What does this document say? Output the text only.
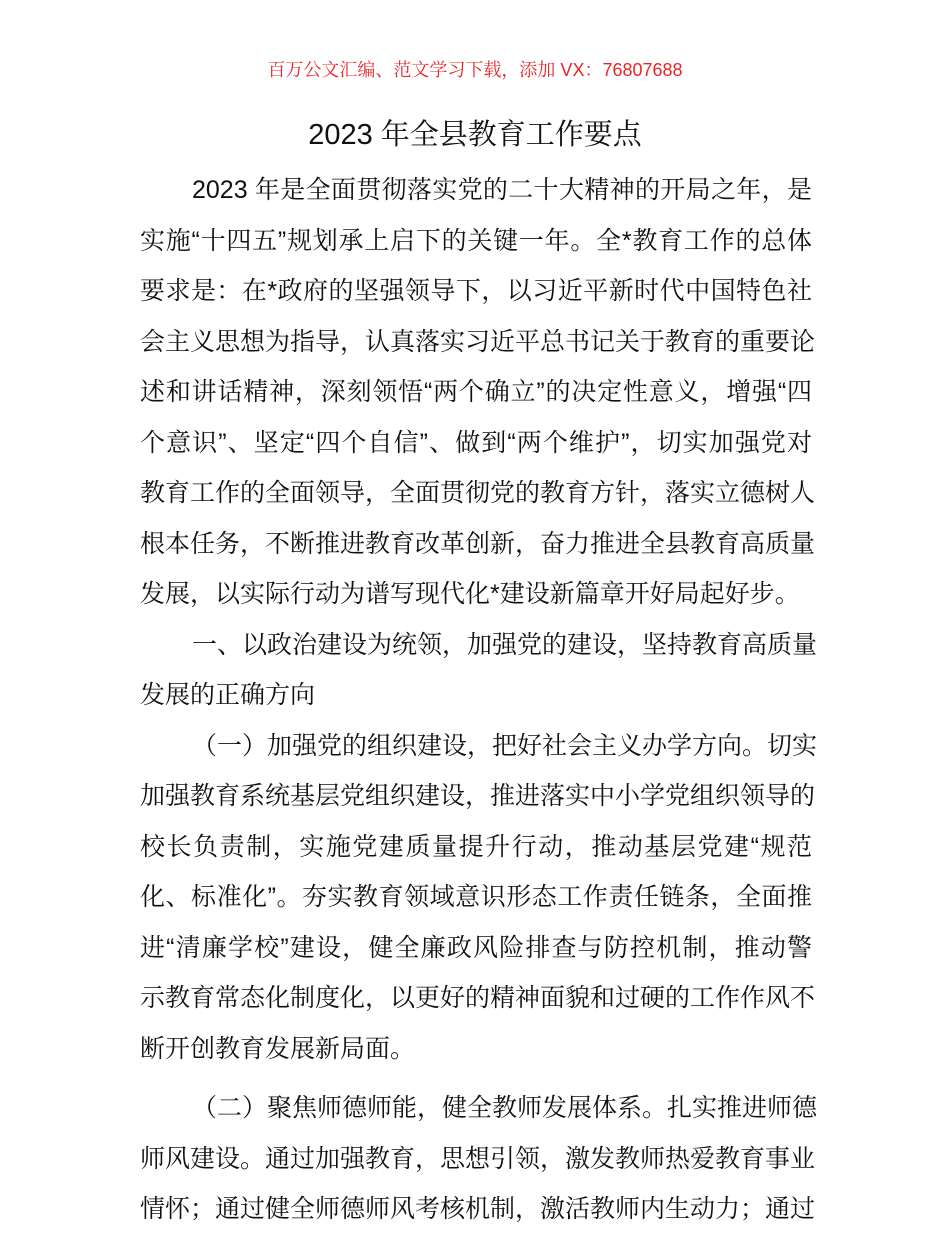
百万公文汇编、范文学习下载，添加 VX：76807688
2023 年全县教育工作要点
2023 年是全面贯彻落实党的二十大精神的开局之年，是
实施“十四五”规划承上启下的关键一年。全*教育工作的总体
要求是：在*政府的坚强领导下，以习近平新时代中国特色社
会主义思想为指导，认真落实习近平总书记关于教育的重要论
述和讲话精神，深刻领悟“两个确立”的决定性意义，增强“四
个意识”、坚定“四个自信”、做到“两个维护”，切实加强党对
教育工作的全面领导，全面贯彻党的教育方针，落实立德树人
根本任务，不断推进教育改革创新，奋力推进全县教育高质量
发展，以实际行动为谱写现代化*建设新篇章开好局起好步。
一、以政治建设为统领，加强党的建设，坚持教育高质量
发展的正确方向
（一）加强党的组织建设，把好社会主义办学方向。切实
加强教育系统基层党组织建设，推进落实中小学党组织领导的
校长负责制，实施党建质量提升行动，推动基层党建“规范
化、标准化”。夯实教育领域意识形态工作责任链条，全面推
进“清廉学校”建设，健全廉政风险排查与防控机制，推动警
示教育常态化制度化，以更好的精神面貌和过硬的工作作风不
断开创教育发展新局面。
（二）聚焦师德师能，健全教师发展体系。扎实推进师德
师风建设。通过加强教育，思想引领，激发教师热爱教育事业
情怀；通过健全师德师风考核机制，激活教师内生动力；通过
